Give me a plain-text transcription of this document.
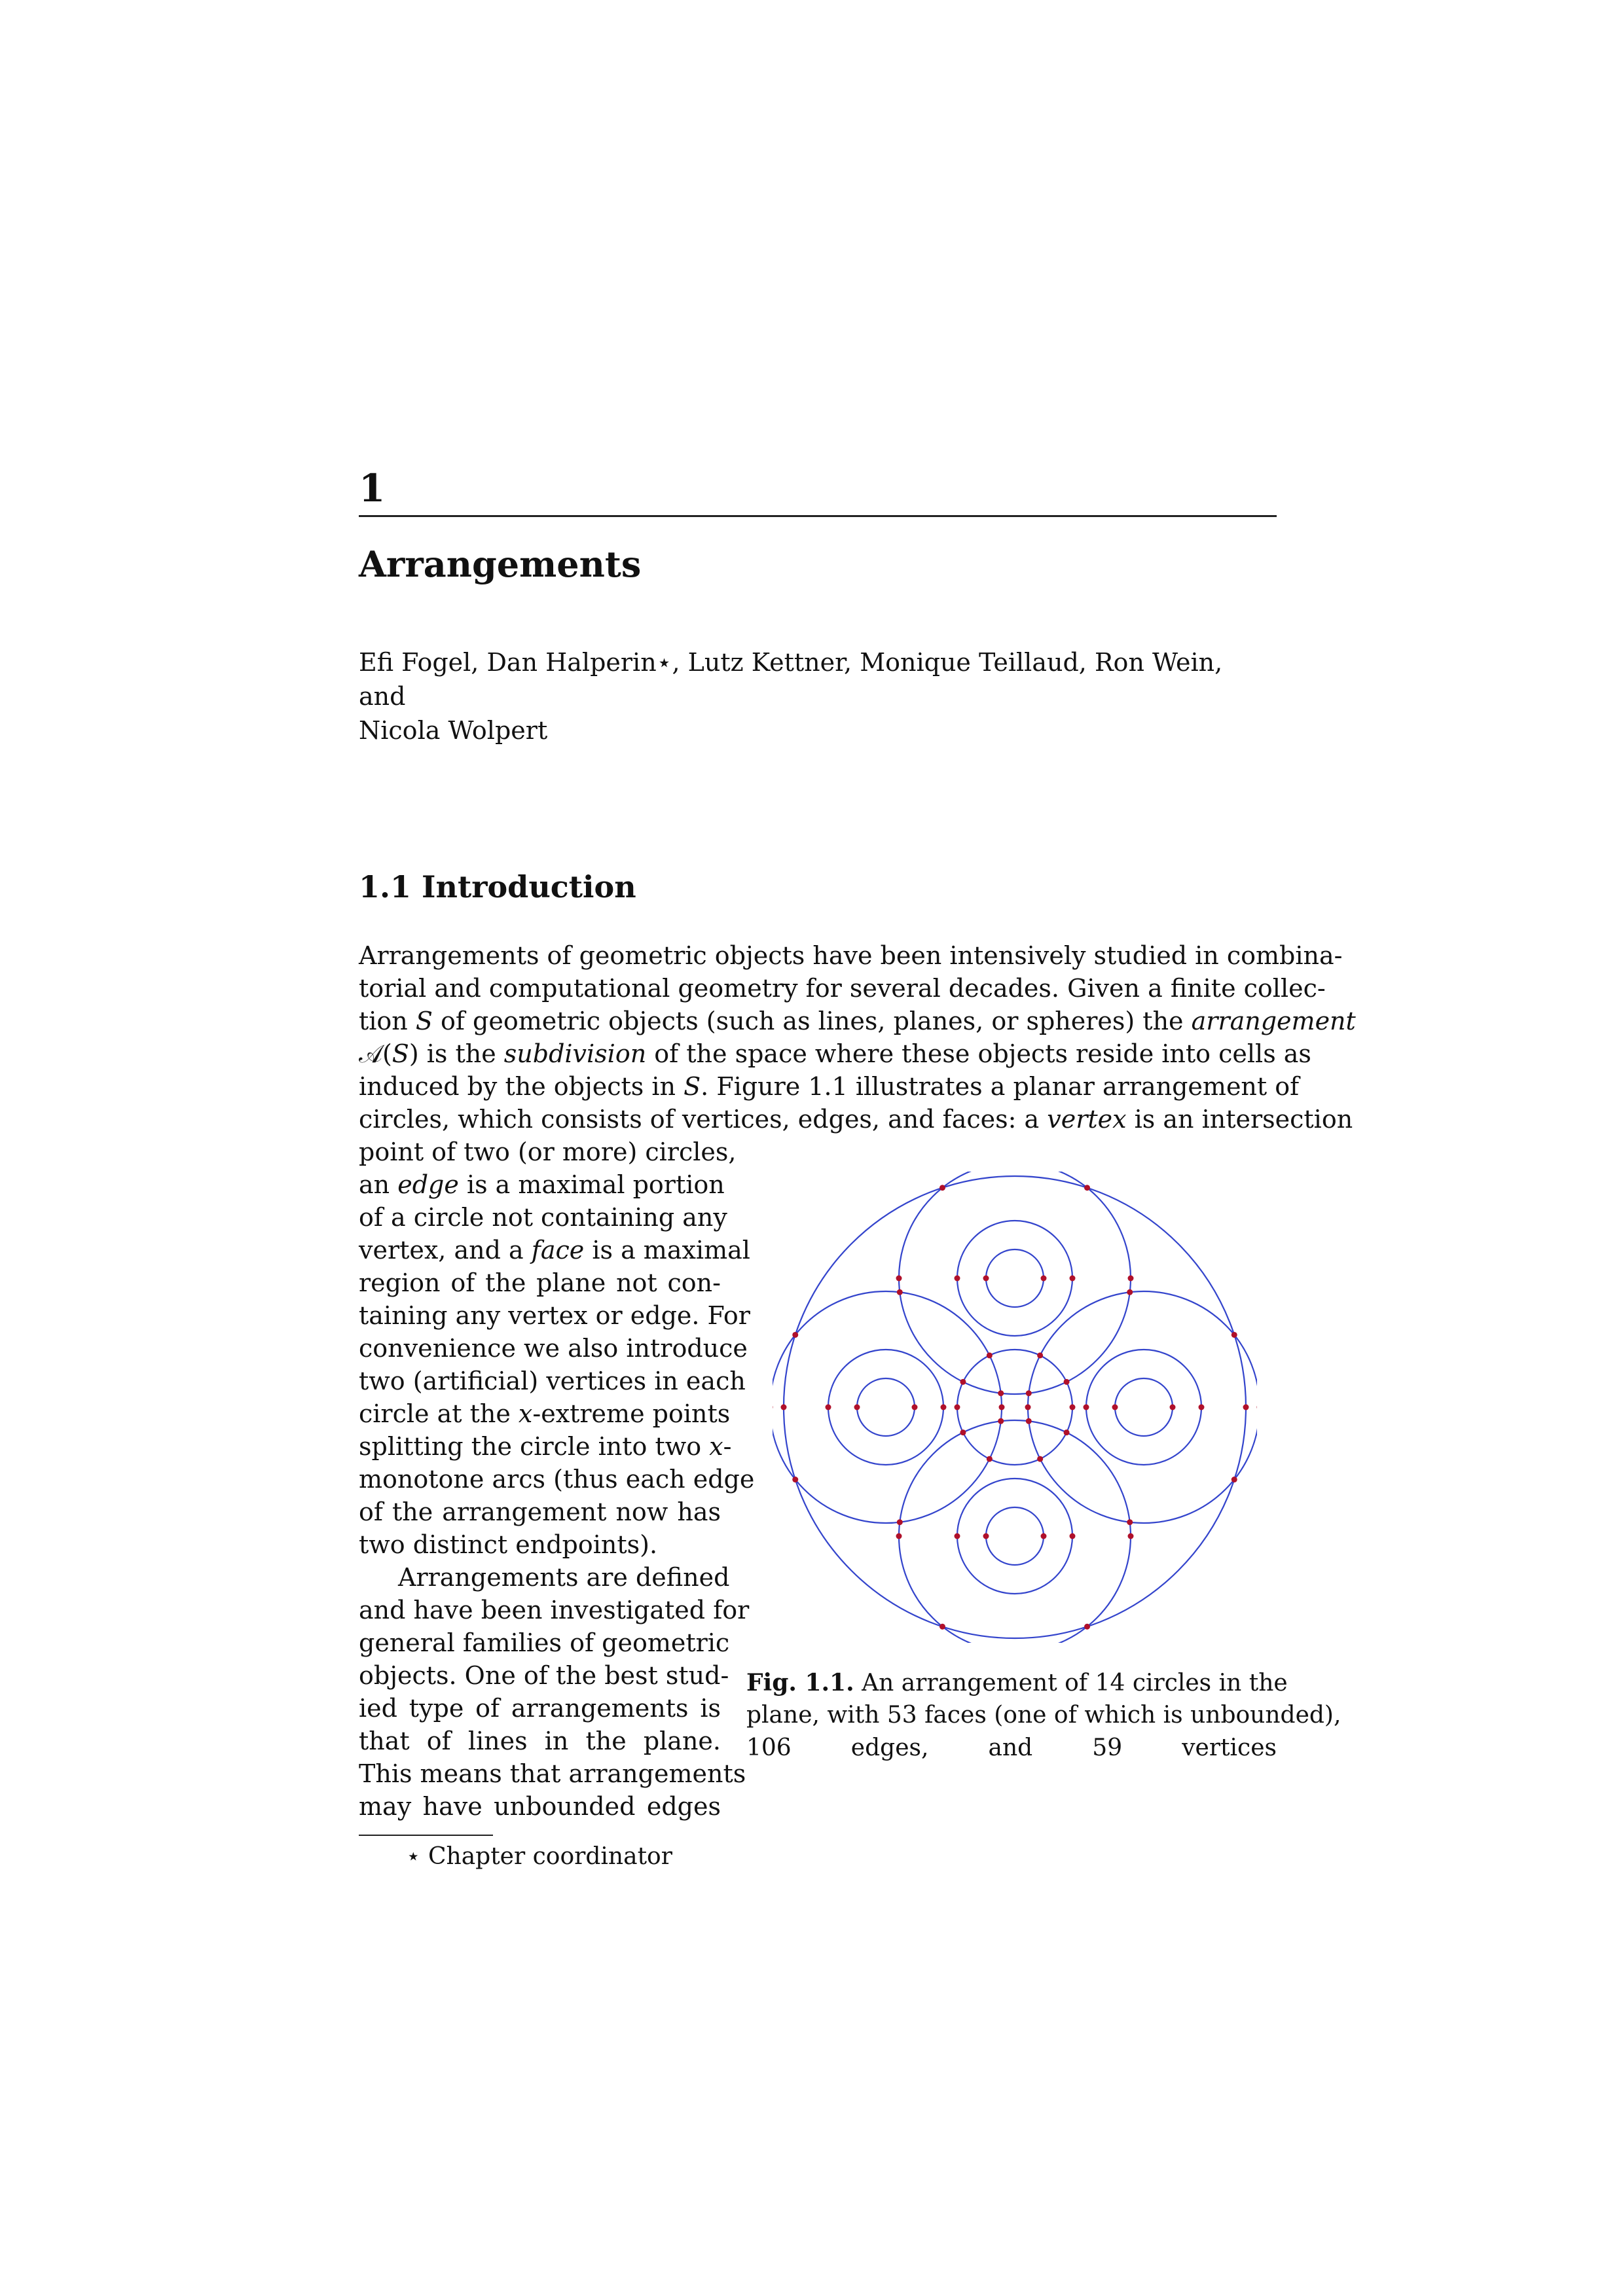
1
Arrangements
Efi Fogel, Dan Halperin⋆, Lutz Kettner, Monique Teillaud, Ron Wein, and
Nicola Wolpert
1.1 Introduction
Arrangements of geometric objects have been intensively studied in combina-
torial and computational geometry for several decades. Given a finite collec-
tion S of geometric objects (such as lines, planes, or spheres) the arrangement
𝒜(S) is the subdivision of the space where these objects reside into cells as
induced by the objects in S. Figure 1.1 illustrates a planar arrangement of
circles, which consists of vertices, edges, and faces: a vertex is an intersection
point of two (or more) circles,
an edge is a maximal portion
of a circle not containing any
vertex, and a face is a maximal
region of the plane not con-
taining any vertex or edge. For
convenience we also introduce
two (artificial) vertices in each
circle at the x-extreme points
splitting the circle into two x-
monotone arcs (thus each edge
of the arrangement now has
two distinct endpoints).
Arrangements are defined
and have been investigated for
general families of geometric
objects. One of the best stud-
ied type of arrangements is
that of lines in the plane.
This means that arrangements
may have unbounded edges
Fig. 1.1. An arrangement of 14 circles in the
plane, with 53 faces (one of which is unbounded),
106 edges, and 59 vertices
⋆ Chapter coordinator
